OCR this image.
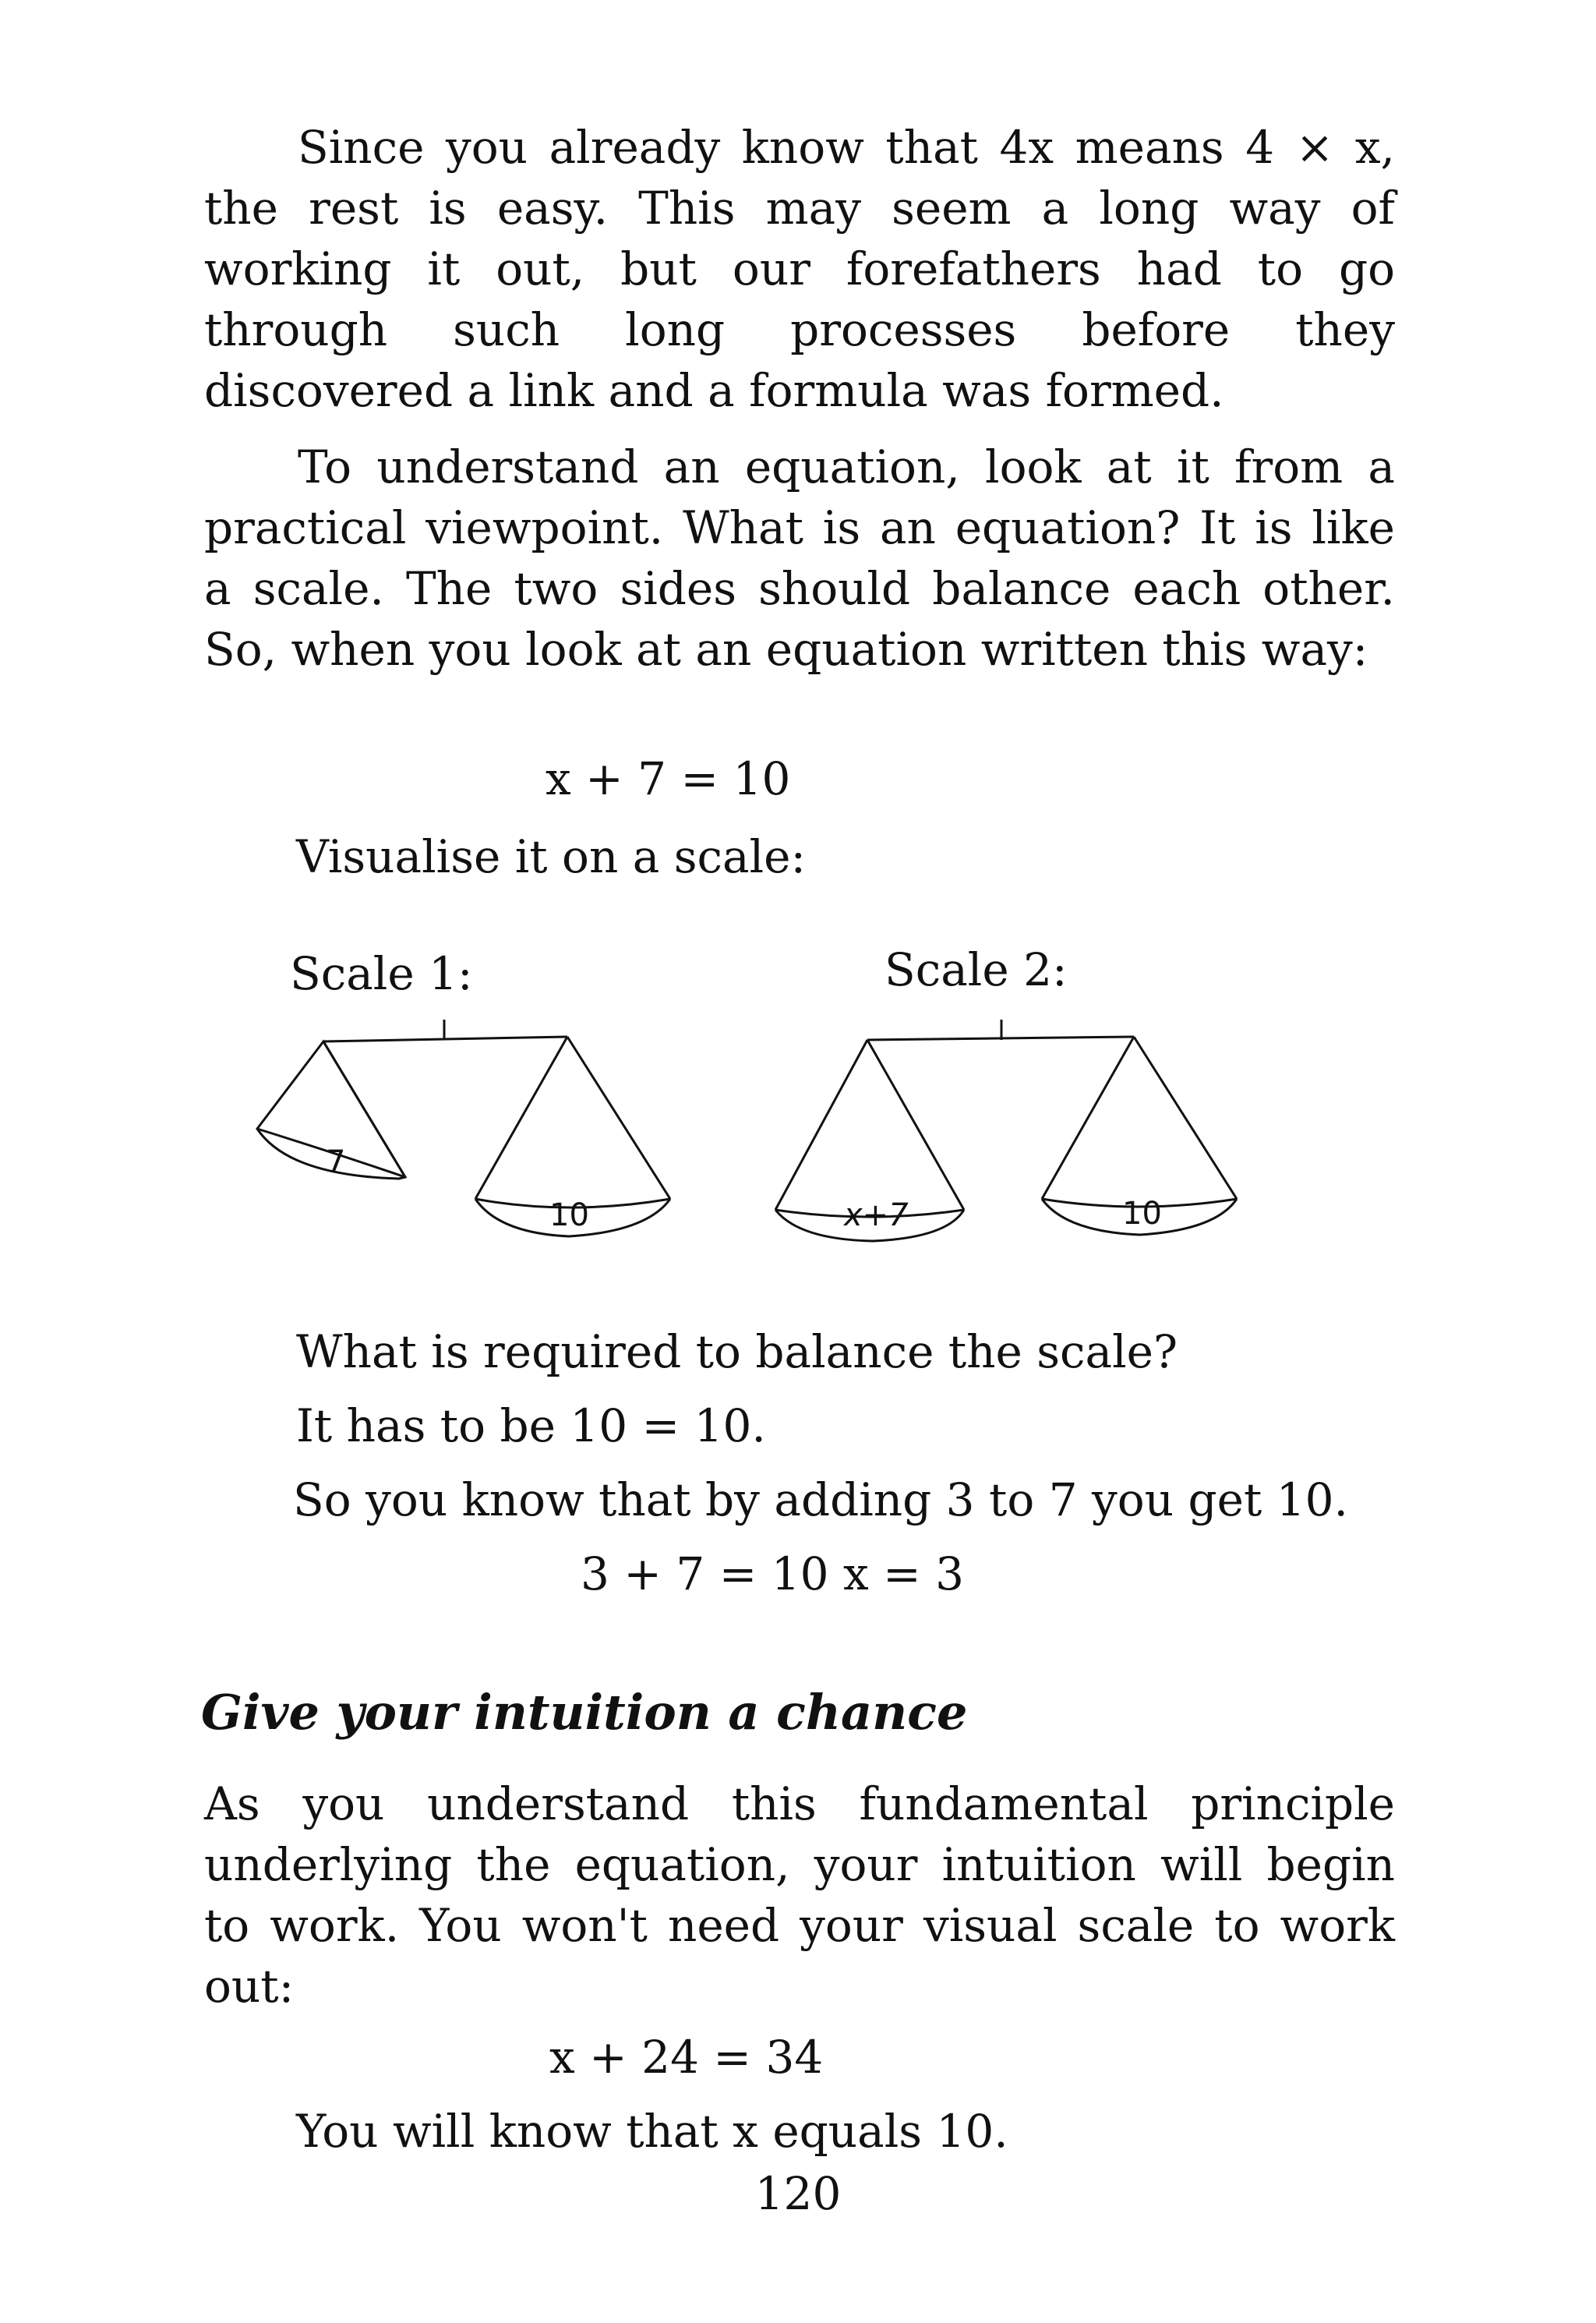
Since you already know that 4x means 4 × x, the rest is easy. This may seem a long way of working it out, but our forefathers had to go through such long processes before they discovered a link and a formula was formed.

To understand an equation, look at it from a practical viewpoint. What is an equation? It is like a scale. The two sides should balance each other. So, when you look at an equation written this way:

x + 7 = 10
Visualise it on a scale:
Scale 1:
7
10
Scale 2:
x+7	10
What is required to balance the scale?
It has to be 10 = 10.
So you know that by adding 3 to 7 you get 10.
3 + 7 = 10 x = 3
Give your intuition a chance

As you understand this fundamental principle underlying the equation, your intuition will begin to work. You won't need your visual scale to work out:

x + 24 = 34
You will know that x equals 10.
120
